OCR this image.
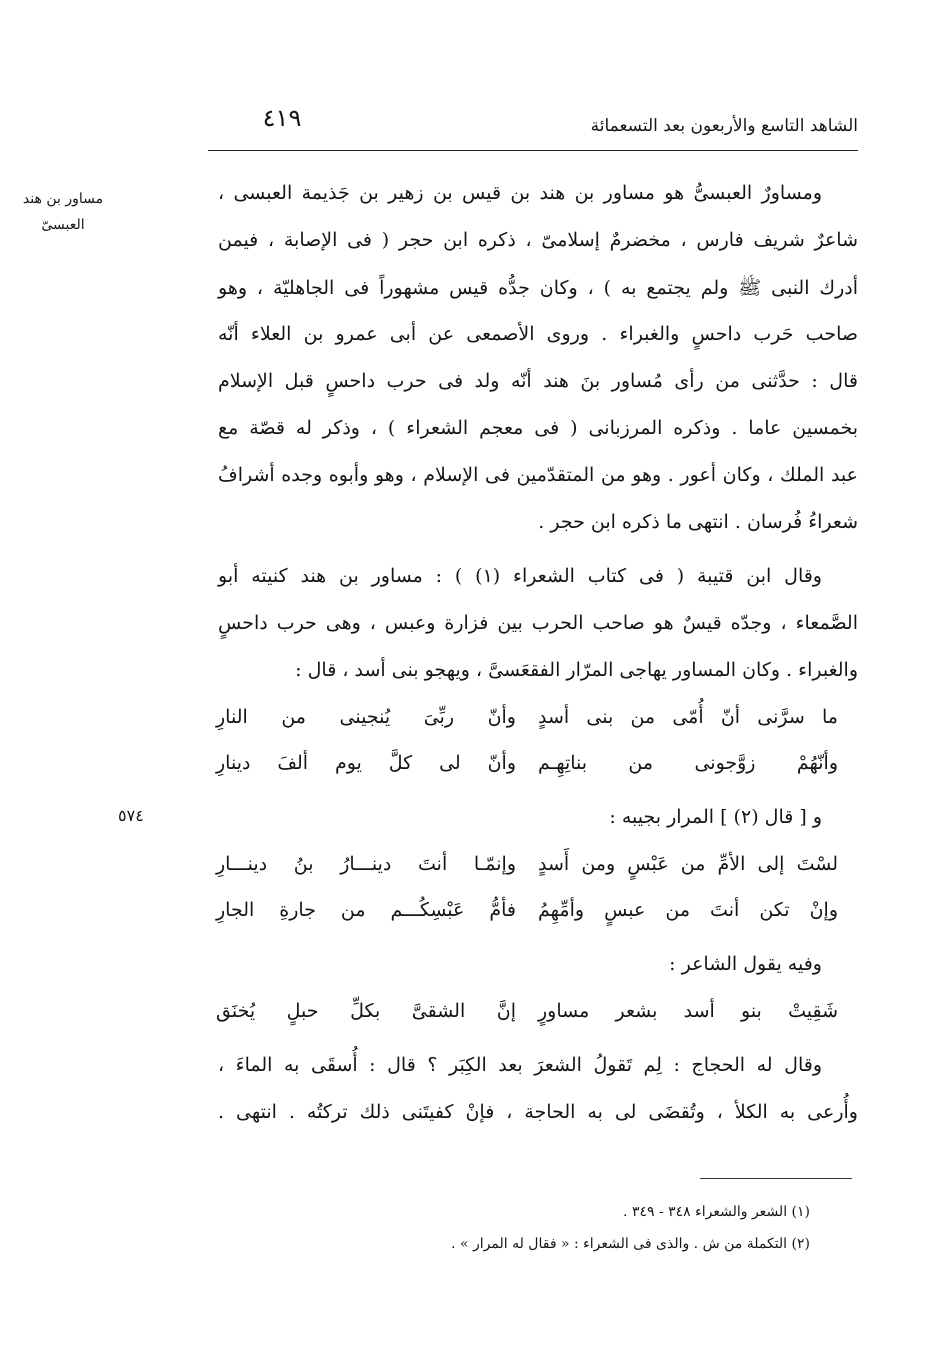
الشاهد التاسع والأربعون بعد التسعمائة
٤١٩
مساور بن هند
العبسىّ
٥٧٤
ومساورٌ العبسىُّ هو مساور بن هند بن قيس بن زهير بن جَذيمة العبسى ،
شاعرٌ شريف فارس ، مخضرمٌ إسلامىّ ، ذكره ابن حجر ( فى الإصابة ، فيمن
أدرك النبى ﷺ ولم يجتمع به ) ، وكان جدُّه قيس مشهوراً فى الجاهليّة ، وهو
صاحب حَرب داحسٍ والغبراء . وروى الأصمعى عن أبى عمرو بن العلاء أنّه
قال : حدَّثنى من رأى مُساور بنَ هند أنّه ولد فى حرب داحسٍ قبل الإسلام
بخمسين عاما . وذكره المرزبانى ( فى معجم الشعراء ) ، وذكر له قصّة مع
عبد الملك ، وكان أعور . وهو من المتقدّمين فى الإسلام ، وهو وأبوه وجده أشرافُ
شعراءُ فُرسان . انتهى ما ذكره ابن حجر .
وقال ابن قتيبة ( فى كتاب الشعراء (١) ) : مساور بن هند كنيته أبو
الصَّمعاء ، وجدّه قيسٌ هو صاحب الحرب بين فزارة وعبس ، وهى حرب داحسٍ
والغبراء . وكان المساور يهاجى المرّار الفقعَسىَّ ، ويهجو بنى أسد ، قال :
ما سرَّنى أنّ أُمّى من بنى أسدٍ
وأنّ ربِّىَ يُنجينى من النارِ
وأنّهُمْ زوَّجونى من بناتِهِـم
وأنّ لى كلَّ يوم ألفَ دينارِ
و [ قال (٢) ] المرار بجيبه :
لسْتَ إلى الأمِّ من عَبْسٍ ومن أَسدٍ
وإنمّـا أنتَ دينـــارُ بنُ دينـــارِ
وإنْ تكن أنتَ من عبسٍ وأمِّهِمُ
فأمُّ عَبْسِكُـــم من جارةِ الجارِ
وفيه يقول الشاعر :
شَقِيتْ بنو أسد بشعر مساورٍ
إنَّ الشقىَّ بكلِّ حبلٍ يُخنَق
وقال له الحجاج : لِم تَقولُ الشعرَ بعد الكِبَر ؟ قال : أُسقَى به الماءَ ،
وأُرعى به الكلأ ، وتُقضَى لى به الحاجة ، فإنْ كفيتَنى ذلك تركتُه . انتهى .
(١) الشعر والشعراء ٣٤٨ - ٣٤٩ .
(٢) التكملة من ش . والذى فى الشعراء : « فقال له المرار » .
